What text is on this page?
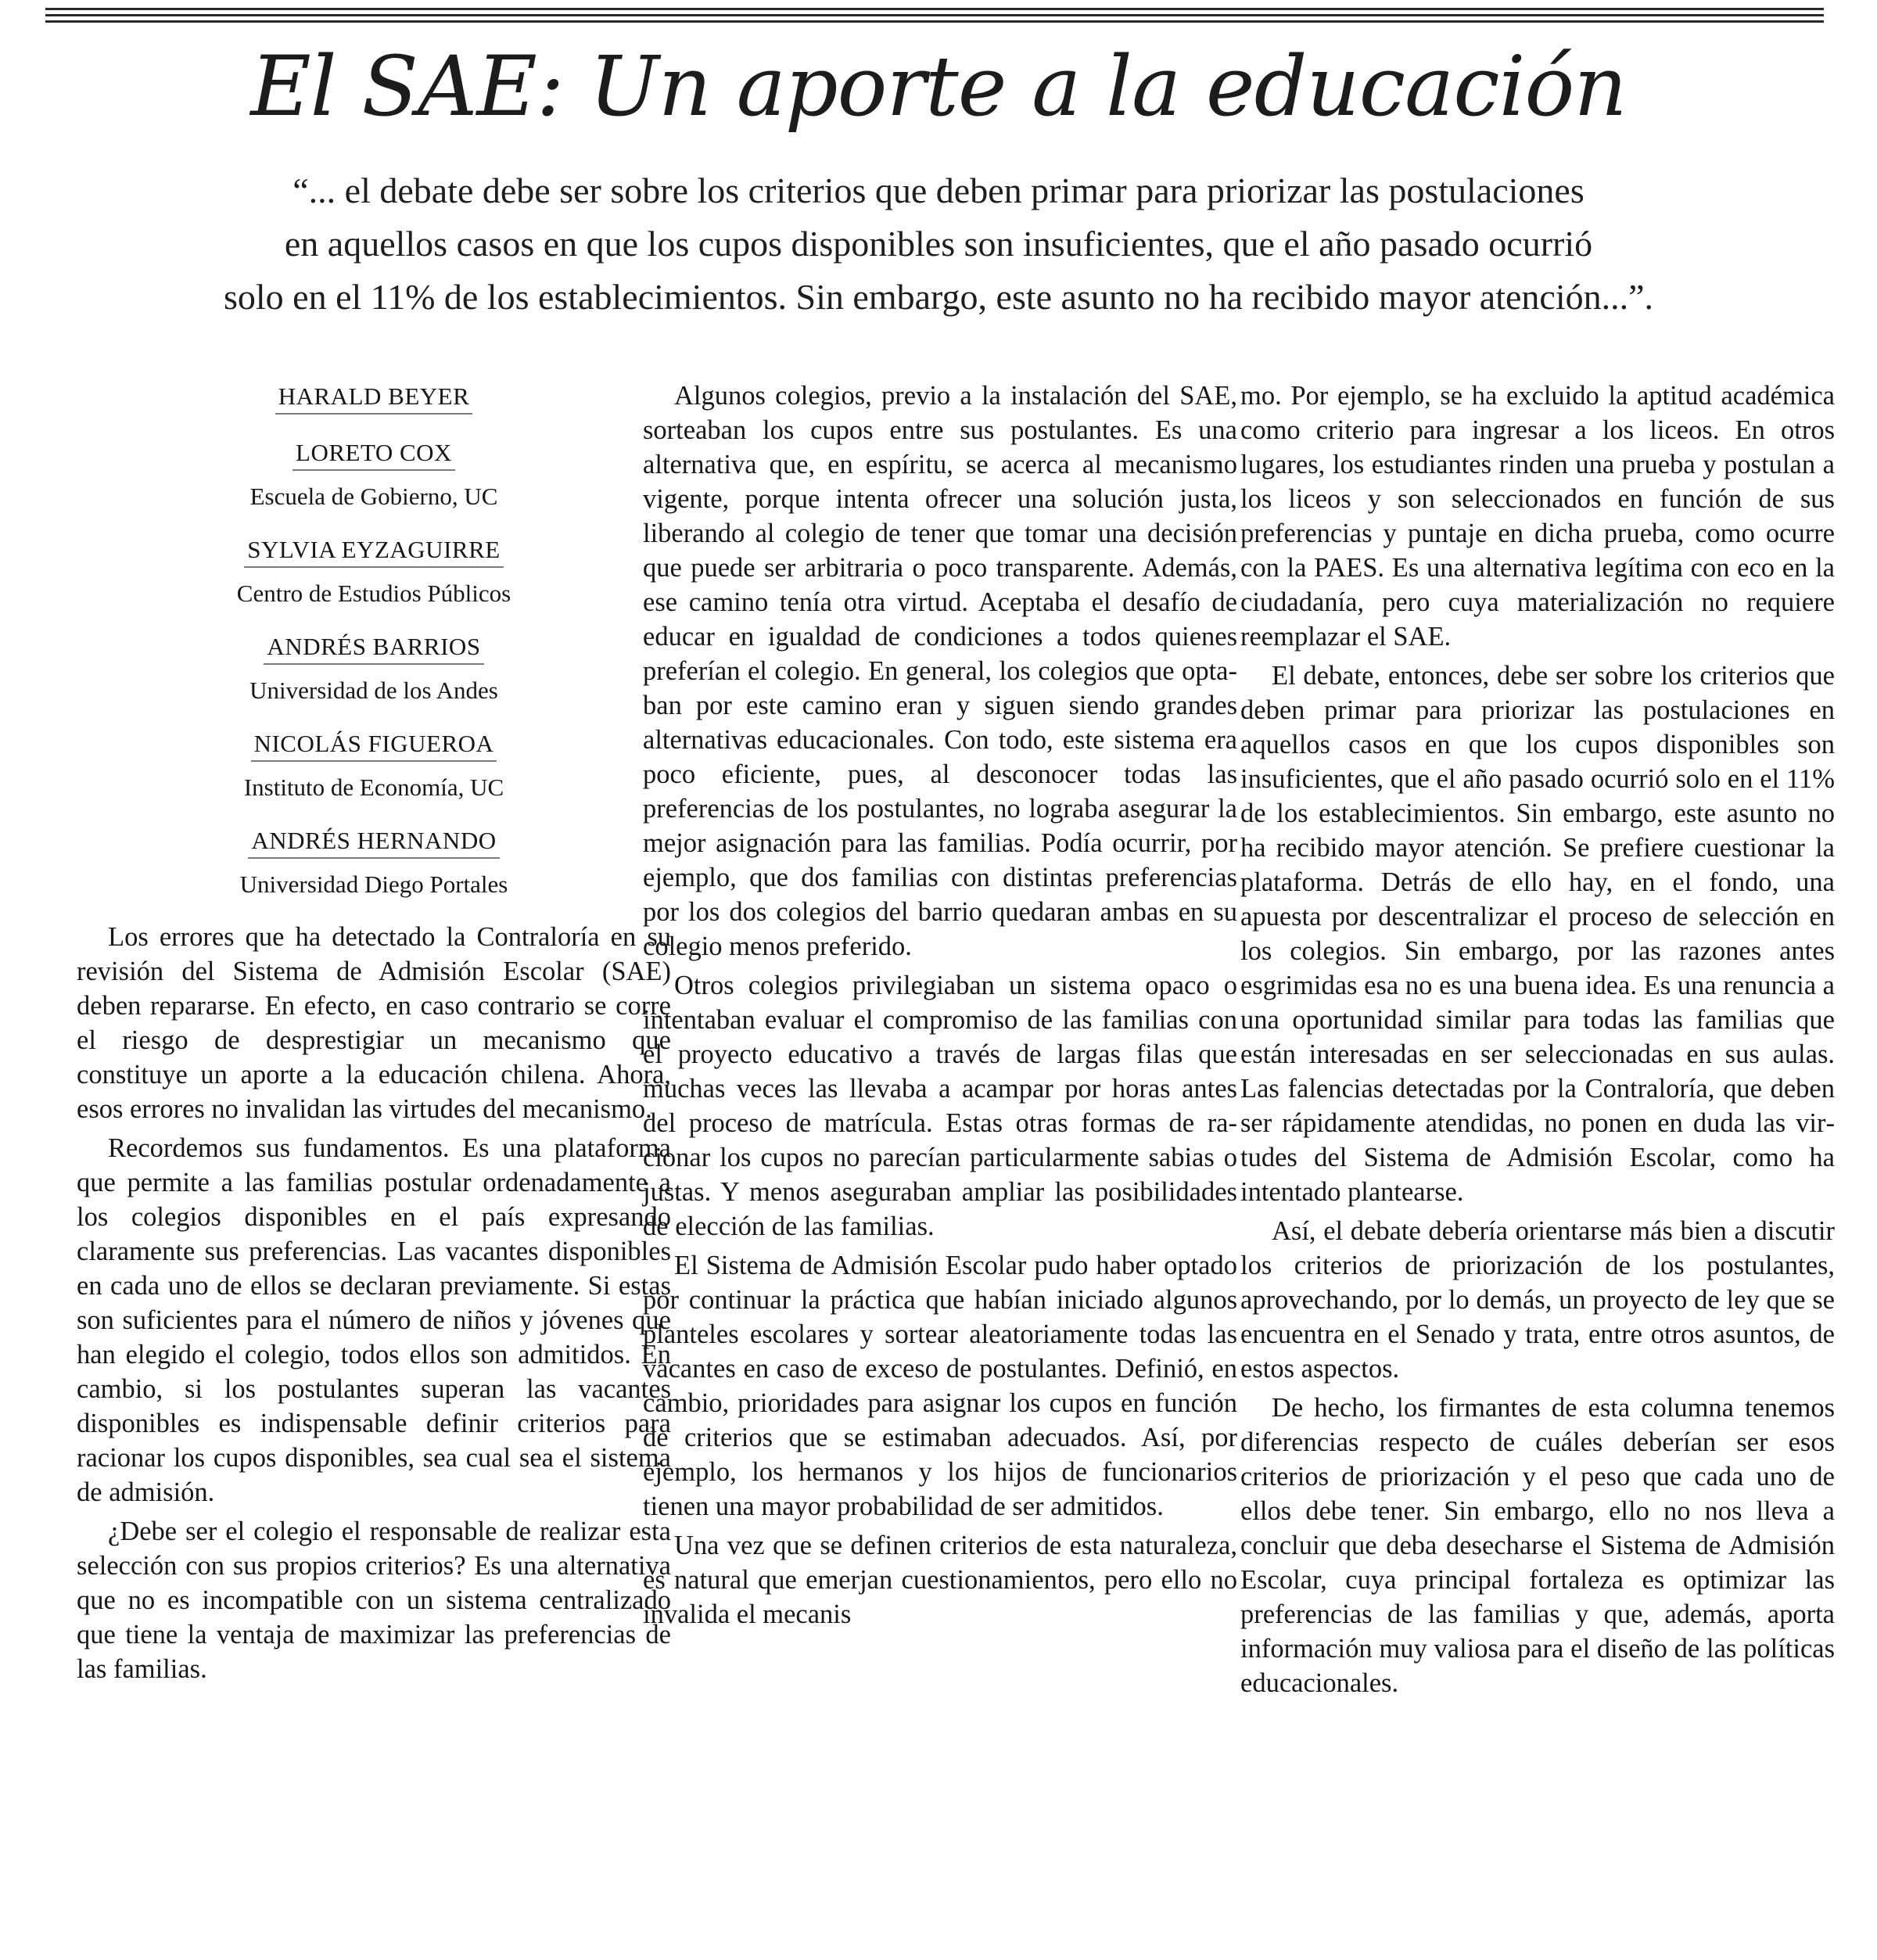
El SAE: Un aporte a la educación
“... el debate debe ser sobre los criterios que deben primar para priorizar las postulaciones
en aquellos casos en que los cupos disponibles son insuficientes, que el año pasado ocurrió
solo en el 11% de los establecimientos. Sin embargo, este asunto no ha recibido mayor atención...”.
HARALD BEYER
LORETO COX
Escuela de Gobierno, UC
SYLVIA EYZAGUIRRE
Centro de Estudios Públicos
ANDRÉS BARRIOS
Universidad de los Andes
NICOLÁS FIGUEROA
Instituto de Economía, UC
ANDRÉS HERNANDO
Universidad Diego Portales

Los errores que ha detectado la Contraloría en su revisión del Sistema de Admisión Escolar (SAE) deben repararse. En efecto, en caso contrario se corre el riesgo de desprestigiar un mecanismo que constituye un aporte a la educación chilena. Ahora, esos errores no invalidan las virtudes del mecanismo.

Recordemos sus fundamentos. Es una plataforma que permite a las familias postular ordenadamente a los colegios disponibles en el país expresando claramente sus preferencias. Las vacantes disponibles en cada uno de ellos se declaran previamente. Si estas son suficientes para el número de niños y jóvenes que han elegido el colegio, todos ellos son admitidos. En cambio, si los postulantes superan las vacantes disponibles es indispensable definir criterios para racionar los cupos disponibles, sea cual sea el sistema de admisión.

¿Debe ser el colegio el responsable de realizar esta selección con sus propios criterios? Es una alternativa que no es incompatible con un sistema centralizado que tiene la ventaja de maximizar las preferencias de las familias.

Algunos colegios, previo a la instalación del SAE, sorteaban los cupos entre sus postulantes. Es una alternativa que, en espíritu, se acerca al mecanismo vigente, porque intenta ofrecer una solución justa, liberando al colegio de tener que tomar una decisión que puede ser arbitraria o poco transparente. Además, ese camino tenía otra virtud. Aceptaba el desafío de educar en igualdad de condiciones a todos quienes preferían el colegio. En general, los colegios que optaban por este camino eran y siguen siendo grandes alternativas educacionales. Con todo, este sistema era poco eficiente, pues, al desconocer todas las preferencias de los postulantes, no lograba asegurar la mejor asignación para las familias. Podía ocurrir, por ejemplo, que dos familias con distintas preferencias por los dos colegios del barrio quedaran ambas en su colegio menos preferido.

Otros colegios privilegiaban un sistema opaco o intentaban evaluar el compromiso de las familias con el proyecto educativo a través de largas filas que muchas veces las llevaba a acampar por horas antes del proceso de matrícula. Estas otras formas de racionar los cupos no parecían particularmente sabias o justas. Y menos aseguraban ampliar las posibilidades de elección de las familias.

El Sistema de Admisión Escolar pudo haber optado por continuar la práctica que habían iniciado algunos planteles escolares y sortear aleatoriamente todas las vacantes en caso de exceso de postulantes. Definió, en cambio, prioridades para asignar los cupos en función de criterios que se estimaban adecuados. Así, por ejemplo, los hermanos y los hijos de funcionarios tienen una mayor probabilidad de ser admitidos.

Una vez que se definen criterios de esta naturaleza, es natural que emerjan cuestionamientos, pero ello no invalida el mecanis

mo. Por ejemplo, se ha excluido la aptitud académica como criterio para ingresar a los liceos. En otros lugares, los estudiantes rinden una prueba y postulan a los liceos y son seleccionados en función de sus preferencias y puntaje en dicha prueba, como ocurre con la PAES. Es una alternativa legítima con eco en la ciudadanía, pero cuya materialización no requiere reemplazar el SAE.

El debate, entonces, debe ser sobre los criterios que deben primar para priorizar las postulaciones en aquellos casos en que los cupos disponibles son insuficientes, que el año pasado ocurrió solo en el 11% de los establecimientos. Sin embargo, este asunto no ha recibido mayor atención. Se prefiere cuestionar la plataforma. Detrás de ello hay, en el fondo, una apuesta por descentralizar el proceso de selección en los colegios. Sin embargo, por las razones antes esgrimidas esa no es una buena idea. Es una renuncia a una oportunidad similar para todas las familias que están interesadas en ser seleccionadas en sus aulas. Las falencias detectadas por la Contraloría, que deben ser rápidamente atendidas, no ponen en duda las virtudes del Sistema de Admisión Escolar, como ha intentado plantearse.

Así, el debate debería orientarse más bien a discutir los criterios de priorización de los postulantes, aprovechando, por lo demás, un proyecto de ley que se encuentra en el Senado y trata, entre otros asuntos, de estos aspectos.

De hecho, los firmantes de esta columna tenemos diferencias respecto de cuáles deberían ser esos criterios de priorización y el peso que cada uno de ellos debe tener. Sin embargo, ello no nos lleva a concluir que deba desecharse el Sistema de Admisión Escolar, cuya principal fortaleza es optimizar las preferencias de las familias y que, además, aporta información muy valiosa para el diseño de las políticas educacionales.
